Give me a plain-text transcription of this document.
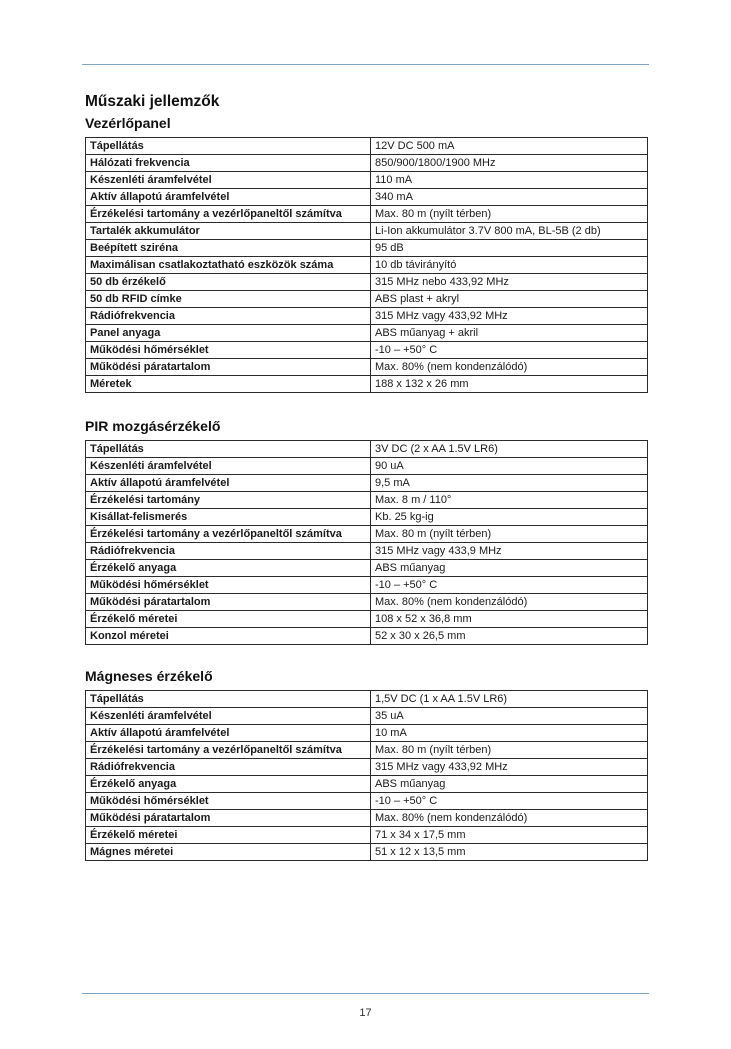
Műszaki jellemzők
Vezérlőpanel
Tápellátás	12V DC 500 mA
Hálózati frekvencia	850/900/1800/1900 MHz
Készenléti áramfelvétel	110 mA
Aktív állapotú áramfelvétel	340 mA
Érzékelési tartomány a vezérlőpaneltől számítva	Max. 80 m (nyílt térben)
Tartalék akkumulátor	Li-Ion akkumulátor 3.7V 800 mA, BL-5B (2 db)
Beépített sziréna	95 dB
Maximálisan csatlakoztatható eszközök száma	10 db távirányító
50 db érzékelő	315 MHz nebo 433,92 MHz
50 db RFID címke	ABS plast + akryl
Rádiófrekvencia	315 MHz vagy 433,92 MHz
Panel anyaga	ABS műanyag + akril
Működési hőmérséklet	-10 – +50° C
Működési páratartalom	Max. 80% (nem kondenzálódó)
Méretek	188 x 132 x 26 mm
PIR mozgásérzékelő
Tápellátás	3V DC (2 x AA 1.5V LR6)
Készenléti áramfelvétel	90 uA
Aktív állapotú áramfelvétel	9,5 mA
Érzékelési tartomány	Max. 8 m / 110°
Kisállat-felismerés	Kb. 25 kg-ig
Érzékelési tartomány a vezérlőpaneltől számítva	Max. 80 m (nyílt térben)
Rádiófrekvencia	315 MHz vagy 433,9 MHz
Érzékelő anyaga	ABS műanyag
Működési hőmérséklet	-10 – +50° C
Működési páratartalom	Max. 80% (nem kondenzálódó)
Érzékelő méretei	108 x 52 x 36,8 mm
Konzol méretei	52 x 30 x 26,5 mm
Mágneses érzékelő
Tápellátás	1,5V DC (1 x AA 1.5V LR6)
Készenléti áramfelvétel	35 uA
Aktív állapotú áramfelvétel	10 mA
Érzékelési tartomány a vezérlőpaneltől számítva	Max. 80 m (nyílt térben)
Rádiófrekvencia	315 MHz vagy 433,92 MHz
Érzékelő anyaga	ABS műanyag
Működési hőmérséklet	-10 – +50° C
Működési páratartalom	Max. 80% (nem kondenzálódó)
Érzékelő méretei	71 x 34 x 17,5 mm
Mágnes méretei	51 x 12 x 13,5 mm
17
